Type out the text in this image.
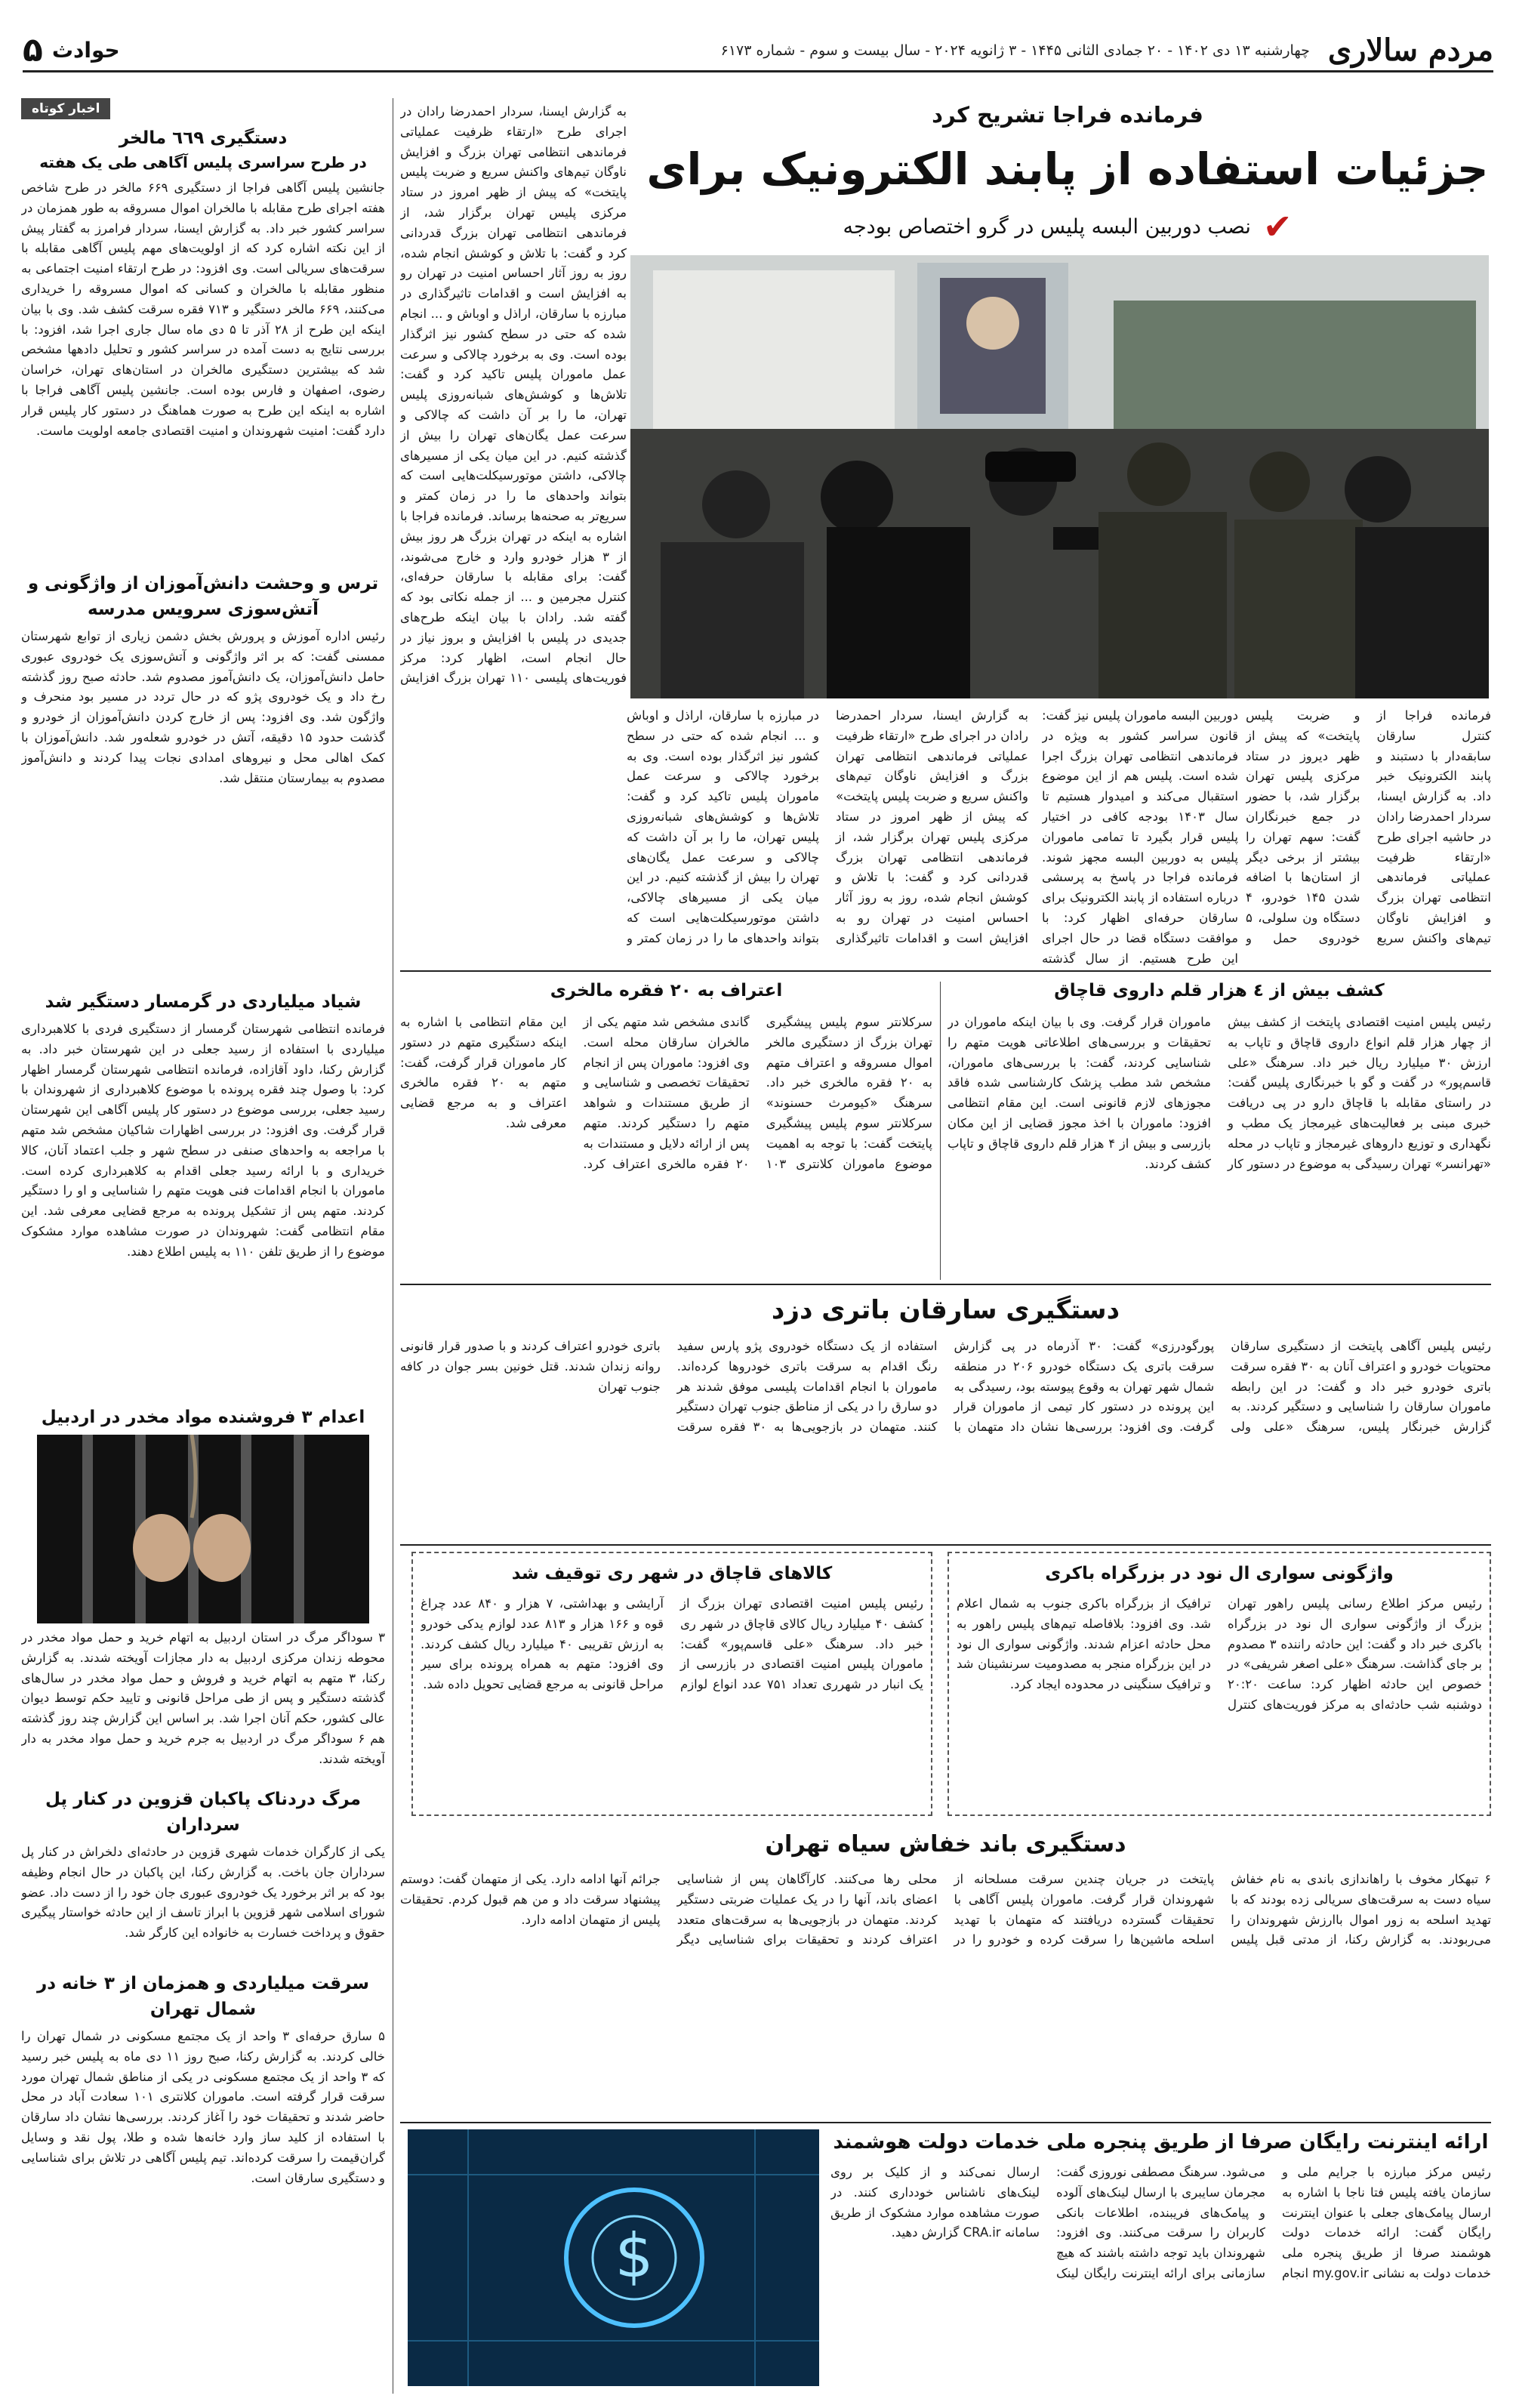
مردم سالاری
چهارشنبه ۱۳ دی ۱۴۰۲ - ۲۰ جمادی الثانی ۱۴۴۵ - ۳ ژانویه ۲۰۲۴ - سال بیست و سوم - شماره ۶۱۷۳
حوادث
۵
فرمانده فراجا تشریح کرد
جزئیات استفاده از پابند الکترونیک برای
✔
نصب دوربین البسه پلیس در گرو اختصاص بودجه
به گزارش ایسنا، سردار احمدرضا رادان در اجرای طرح «ارتقاء ظرفیت عملیاتی فرماندهی انتظامی تهران بزرگ و افزایش ناوگان تیم‌های واکنش سریع و ضربت پلیس پایتخت» که پیش از ظهر امروز در ستاد مرکزی پلیس تهران برگزار شد، از فرماندهی انتظامی تهران بزرگ قدردانی کرد و گفت: با تلاش و کوشش انجام شده، روز به روز آثار احساس امنیت در تهران رو به افزایش است و اقدامات تاثیرگذاری در مبارزه با سارقان، اراذل و اوباش و ... انجام شده که حتی در سطح کشور نیز اثرگذار بوده است. وی به برخورد چالاکی و سرعت عمل ماموران پلیس تاکید کرد و گفت: تلاش‌ها و کوشش‌های شبانه‌روزی پلیس تهران، ما را بر آن داشت که چالاکی و سرعت عمل یگان‌های تهران را بیش از گذشته کنیم. در این میان یکی از مسیرهای چالاکی، داشتن موتورسیکلت‌هایی است که بتواند واحدهای ما را در زمان کمتر و
دوربین البسه ماموران پلیس نیز گفت: قانون سراسر کشور به ویژه در فرماندهی انتظامی تهران بزرگ اجرا شده است. پلیس هم از این موضوع استقبال می‌کند و امیدوار هستیم تا سال ۱۴۰۳ بودجه کافی در اختیار پلیس قرار بگیرد تا تمامی ماموران پلیس به دوربین البسه مجهز شوند. فرمانده فراجا در پاسخ به پرسشی درباره استفاده از پابند الکترونیک برای سارقان حرفه‌ای اظهار کرد: با موافقت دستگاه قضا در حال اجرای این طرح هستیم. از سال گذشته
فرمانده فراجا از کنترل سارقان سابقه‌دار با دستبند و پابند الکترونیک خبر داد. به گزارش ایسنا، سردار احمدرضا رادان در حاشیه اجرای طرح «ارتقاء ظرفیت عملیاتی فرماندهی انتظامی تهران بزرگ و افزایش ناوگان تیم‌های واکنش سریع و ضربت پلیس پایتخت» که پیش از ظهر دیروز در ستاد مرکزی پلیس تهران برگزار شد، با حضور در جمع خبرنگاران گفت: سهم تهران را بیشتر از برخی دیگر از استان‌ها با اضافه شدن ۱۴۵ خودرو، ۴ دستگاه ون سلولی، ۵ خودروی حمل و
به گزارش ایسنا، سردار احمدرضا رادان در اجرای طرح «ارتقاء ظرفیت عملیاتی فرماندهی انتظامی تهران بزرگ و افزایش ناوگان تیم‌های واکنش سریع و ضربت پلیس پایتخت» که پیش از ظهر امروز در ستاد مرکزی پلیس تهران برگزار شد، از فرماندهی انتظامی تهران بزرگ قدردانی کرد و گفت: با تلاش و کوشش انجام شده، روز به روز آثار احساس امنیت در تهران رو به افزایش است و اقدامات تاثیرگذاری در مبارزه با سارقان، اراذل و اوباش و ... انجام شده که حتی در سطح کشور نیز اثرگذار بوده است. وی به برخورد چالاکی و سرعت عمل ماموران پلیس تاکید کرد و گفت: تلاش‌ها و کوشش‌های شبانه‌روزی پلیس تهران، ما را بر آن داشت که چالاکی و سرعت عمل یگان‌های تهران را بیش از گذشته کنیم. در این میان یکی از مسیرهای چالاکی، داشتن موتورسیکلت‌هایی است که بتواند واحدهای ما را در زمان کمتر و سریع‌تر به صحنه‌ها برساند. فرمانده فراجا با اشاره به اینکه در تهران بزرگ هر روز بیش از ۳ هزار خودرو وارد و خارج می‌شوند، گفت: برای مقابله با سارقان حرفه‌ای، کنترل مجرمین و ... از جمله نکاتی بود که گفته شد. رادان با بیان اینکه طرح‌های جدیدی در پلیس با افزایش و بروز نیاز در حال انجام است، اظهار کرد: مرکز فوریت‌های پلیسی ۱۱۰ تهران بزرگ افزایش
کشف بیش از ٤ هزار قلم داروی قاچاق
رئیس پلیس امنیت اقتصادی پایتخت از کشف بیش از چهار هزار قلم انواع داروی قاچاق و تاپاب به ارزش ۳۰ میلیارد ریال خبر داد. سرهنگ «علی قاسم‌پور» در گفت و گو با خبرنگاری پلیس گفت: در راستای مقابله با قاچاق دارو در پی دریافت خبری مبنی بر فعالیت‌های غیرمجاز یک مطب و نگهداری و توزیع داروهای غیرمجاز و تاپاب در محله «تهرانسر» تهران رسیدگی به موضوع در دستور کار ماموران قرار گرفت. وی با بیان اینکه ماموران در تحقیقات و بررسی‌های اطلاعاتی هویت متهم را شناسایی کردند، گفت: با بررسی‌های ماموران، مشخص شد مطب پزشک کارشناسی شده فاقد مجوزهای لازم قانونی است. این مقام انتظامی افزود: ماموران با اخذ مجوز قضایی از این مکان بازرسی و بیش از ۴ هزار قلم داروی قاچاق و تاپاب کشف کردند.
اعتراف به ۲۰ فقره مالخری
سرکلانتر سوم پلیس پیشگیری تهران بزرگ از دستگیری مالخر اموال مسروقه و اعتراف متهم به ۲۰ فقره مالخری خبر داد. سرهنگ «کیومرث حسنوند» سرکلانتر سوم پلیس پیشگیری پایتخت گفت: با توجه به اهمیت موضوع ماموران کلانتری ۱۰۳ گاندی مشخص شد متهم یکی از مالخران سارقان محله است. وی افزود: ماموران پس از انجام تحقیقات تخصصی و شناسایی و از طریق مستندات و شواهد متهم را دستگیر کردند. متهم پس از ارائه دلایل و مستندات به ۲۰ فقره مالخری اعتراف کرد. این مقام انتظامی با اشاره به اینکه دستگیری متهم در دستور کار ماموران قرار گرفت، گفت: متهم به ۲۰ فقره مالخری اعتراف و به مرجع قضایی معرفی شد.
دستگیری سارقان باتری دزد
رئیس پلیس آگاهی پایتخت از دستگیری سارقان محتویات خودرو و اعتراف آنان به ۳۰ فقره سرقت باتری خودرو خبر داد و گفت: در این رابطه ماموران سارقان را شناسایی و دستگیر کردند. به گزارش خبرنگار پلیس، سرهنگ «علی ولی پورگودرزی» گفت: ۳۰ آذرماه در پی گزارش سرقت باتری یک دستگاه خودرو ۲۰۶ در منطقه شمال شهر تهران به وقوع پیوسته بود، رسیدگی به این پرونده در دستور کار تیمی از ماموران قرار گرفت. وی افزود: بررسی‌ها نشان داد متهمان با استفاده از یک دستگاه خودروی پژو پارس سفید رنگ اقدام به سرقت باتری خودروها کرده‌اند. ماموران با انجام اقدامات پلیسی موفق شدند هر دو سارق را در یکی از مناطق جنوب تهران دستگیر کنند. متهمان در بازجویی‌ها به ۳۰ فقره سرقت باتری خودرو اعتراف کردند و با صدور قرار قانونی روانه زندان شدند. قتل خونین بسر جوان در کافه جنوب تهران
واژگونی سواری ال نود در بزرگراه باکری
رئیس مرکز اطلاع رسانی پلیس راهور تهران بزرگ از واژگونی سواری ال نود در بزرگراه باکری خبر داد و گفت: این حادثه راننده ۳ مصدوم بر جای گذاشت. سرهنگ «علی اصغر شریفی» در خصوص این حادثه اظهار کرد: ساعت ۲۰:۲۰ دوشنبه شب حادثه‌ای به مرکز فوریت‌های کنترل ترافیک از بزرگراه باکری جنوب به شمال اعلام شد. وی افزود: بلافاصله تیم‌های پلیس راهور به محل حادثه اعزام شدند. واژگونی سواری ال نود در این بزرگراه منجر به مصدومیت سرنشینان شد و ترافیک سنگینی در محدوده ایجاد کرد.
کالاهای قاچاق در شهر ری توقیف شد
رئیس پلیس امنیت اقتصادی تهران بزرگ از کشف ۴۰ میلیارد ریال کالای قاچاق در شهر ری خبر داد. سرهنگ «علی قاسم‌پور» گفت: ماموران پلیس امنیت اقتصادی در بازرسی از یک انبار در شهرری تعداد ۷۵۱ عدد انواع لوازم آرایشی و بهداشتی، ۷ هزار و ۸۴۰ عدد چراغ قوه و ۱۶۶ هزار و ۸۱۳ عدد لوازم یدکی خودرو به ارزش تقریبی ۴۰ میلیارد ریال کشف کردند. وی افزود: متهم به همراه پرونده برای سیر مراحل قانونی به مرجع قضایی تحویل داده شد.
دستگیری باند خفاش سیاه تهران
۶ تبهکار مخوف با راهاندازی باندی به نام خفاش سیاه دست به سرقت‌های سریالی زده بودند که با تهدید اسلحه به زور اموال باارزش شهروندان را می‌ربودند. به گزارش رکنا، از مدتی قبل پلیس پایتخت در جریان چندین سرقت مسلحانه از شهروندان قرار گرفت. ماموران پلیس آگاهی با تحقیقات گسترده دریافتند که متهمان با تهدید اسلحه ماشین‌ها را سرقت کرده و خودرو را در محلی رها می‌کنند. کارآگاهان پس از شناسایی اعضای باند، آنها را در یک عملیات ضربتی دستگیر کردند. متهمان در بازجویی‌ها به سرقت‌های متعدد اعتراف کردند و تحقیقات برای شناسایی دیگر جرائم آنها ادامه دارد. یکی از متهمان گفت: دوستم پیشنهاد سرقت داد و من هم قبول کردم. تحقیقات پلیس از متهمان ادامه دارد.
ارائه اینترنت رایگان صرفا از طریق پنجره ملی خدمات دولت هوشمند
رئیس مرکز مبارزه با جرایم ملی و سازمان یافته پلیس فتا ناجا با اشاره به ارسال پیامک‌های جعلی با عنوان اینترنت رایگان گفت: ارائه خدمات دولت هوشمند صرفا از طریق پنجره ملی خدمات دولت به نشانی my.gov.ir انجام می‌شود. سرهنگ مصطفی نوروزی گفت: مجرمان سایبری با ارسال لینک‌های آلوده و پیامک‌های فریبنده، اطلاعات بانکی کاربران را سرقت می‌کنند. وی افزود: شهروندان باید توجه داشته باشند که هیچ سازمانی برای ارائه اینترنت رایگان لینک ارسال نمی‌کند و از کلیک بر روی لینک‌های ناشناس خودداری کنند. در صورت مشاهده موارد مشکوک از طریق سامانه CRA.ir گزارش دهید.
$
اخبار کوتاه
دستگیری ٦٦٩ مالخر
در طرح سراسری پلیس آگاهی طی یک هفته
جانشین پلیس آگاهی فراجا از دستگیری ۶۶۹ مالخر در طرح شاخص هفته اجرای طرح مقابله با مالخران اموال مسروقه به طور همزمان در سراسر کشور خبر داد. به گزارش ایسنا، سردار فرامرز به گفتار پیش از این نکته اشاره کرد که از اولویت‌های مهم پلیس آگاهی مقابله با سرقت‌های سریالی است. وی افزود: در طرح ارتقاء امنیت اجتماعی به منظور مقابله با مالخران و کسانی که اموال مسروقه را خریداری می‌کنند، ۶۶۹ مالخر دستگیر و ۷۱۳ فقره سرقت کشف شد. وی با بیان اینکه این طرح از ۲۸ آذر تا ۵ دی ماه سال جاری اجرا شد، افزود: با بررسی نتایج به دست آمده در سراسر کشور و تحلیل دادهها مشخص شد که بیشترین دستگیری مالخران در استان‌های تهران، خراسان رضوی، اصفهان و فارس بوده است. جانشین پلیس آگاهی فراجا با اشاره به اینکه این طرح به صورت هماهنگ در دستور کار پلیس قرار دارد گفت: امنیت شهروندان و امنیت اقتصادی جامعه اولویت ماست.
ترس و وحشت دانش‌آموزان از واژگونی و آتش‌سوزی سرویس مدرسه
رئیس اداره آموزش و پرورش بخش دشمن زیاری از توابع شهرستان ممسنی گفت: که بر اثر واژگونی و آتش‌سوزی یک خودروی عبوری حامل دانش‌آموزان، یک دانش‌آموز مصدوم شد. حادثه صبح روز گذشته رخ داد و یک خودروی پژو که در حال تردد در مسیر بود منحرف و واژگون شد. وی افزود: پس از خارج کردن دانش‌آموزان از خودرو و گذشت حدود ۱۵ دقیقه، آتش در خودرو شعله‌ور شد. دانش‌آموزان با کمک اهالی محل و نیروهای امدادی نجات پیدا کردند و دانش‌آموز مصدوم به بیمارستان منتقل شد.
شیاد میلیاردی در گرمسار دستگیر شد
فرمانده انتظامی شهرستان گرمسار از دستگیری فردی با کلاهبرداری میلیاردی با استفاده از رسید جعلی در این شهرستان خبر داد. به گزارش رکنا، داود آقازاده، فرمانده انتظامی شهرستان گرمسار اظهار کرد: با وصول چند فقره پرونده با موضوع کلاهبرداری از شهروندان با رسید جعلی، بررسی موضوع در دستور کار پلیس آگاهی این شهرستان قرار گرفت. وی افزود: در بررسی اظهارات شاکیان مشخص شد متهم با مراجعه به واحدهای صنفی در سطح شهر و جلب اعتماد آنان، کالا خریداری و با ارائه رسید جعلی اقدام به کلاهبرداری کرده است. ماموران با انجام اقدامات فنی هویت متهم را شناسایی و او را دستگیر کردند. متهم پس از تشکیل پرونده به مرجع قضایی معرفی شد. این مقام انتظامی گفت: شهروندان در صورت مشاهده موارد مشکوک موضوع را از طریق تلفن ۱۱۰ به پلیس اطلاع دهند.
اعدام ۳ فروشنده مواد مخدر در اردبیل
۳ سوداگر مرگ در استان اردبیل به اتهام خرید و حمل مواد مخدر در محوطه زندان مرکزی اردبیل به دار مجازات آویخته شدند. به گزارش رکنا، ۳ متهم به اتهام خرید و فروش و حمل مواد مخدر در سال‌های گذشته دستگیر و پس از طی مراحل قانونی و تایید حکم توسط دیوان عالی کشور، حکم آنان اجرا شد. بر اساس این گزارش چند روز گذشته هم ۶ سوداگر مرگ در اردبیل به جرم خرید و حمل مواد مخدر به دار آویخته شدند.
مرگ دردناک پاکبان قزوین در کنار پل سرداران
یکی از کارگران خدمات شهری قزوین در حادثه‌ای دلخراش در کنار پل سرداران جان باخت. به گزارش رکنا، این پاکبان در حال انجام وظیفه بود که بر اثر برخورد یک خودروی عبوری جان خود را از دست داد. عضو شورای اسلامی شهر قزوین با ابراز تاسف از این حادثه خواستار پیگیری حقوق و پرداخت خسارت به خانواده این کارگر شد.
سرقت میلیاردی و همزمان از ۳ خانه در شمال تهران
۵ سارق حرفه‌ای ۳ واحد از یک مجتمع مسکونی در شمال تهران را خالی کردند. به گزارش رکنا، صبح روز ۱۱ دی ماه به پلیس خبر رسید که ۳ واحد از یک مجتمع مسکونی در یکی از مناطق شمال تهران مورد سرقت قرار گرفته است. ماموران کلانتری ۱۰۱ سعادت آباد در محل حاضر شدند و تحقیقات خود را آغاز کردند. بررسی‌ها نشان داد سارقان با استفاده از کلید ساز وارد خانه‌ها شده و طلا، پول نقد و وسایل گران‌قیمت را سرقت کرده‌اند. تیم پلیس آگاهی در تلاش برای شناسایی و دستگیری سارقان است.
